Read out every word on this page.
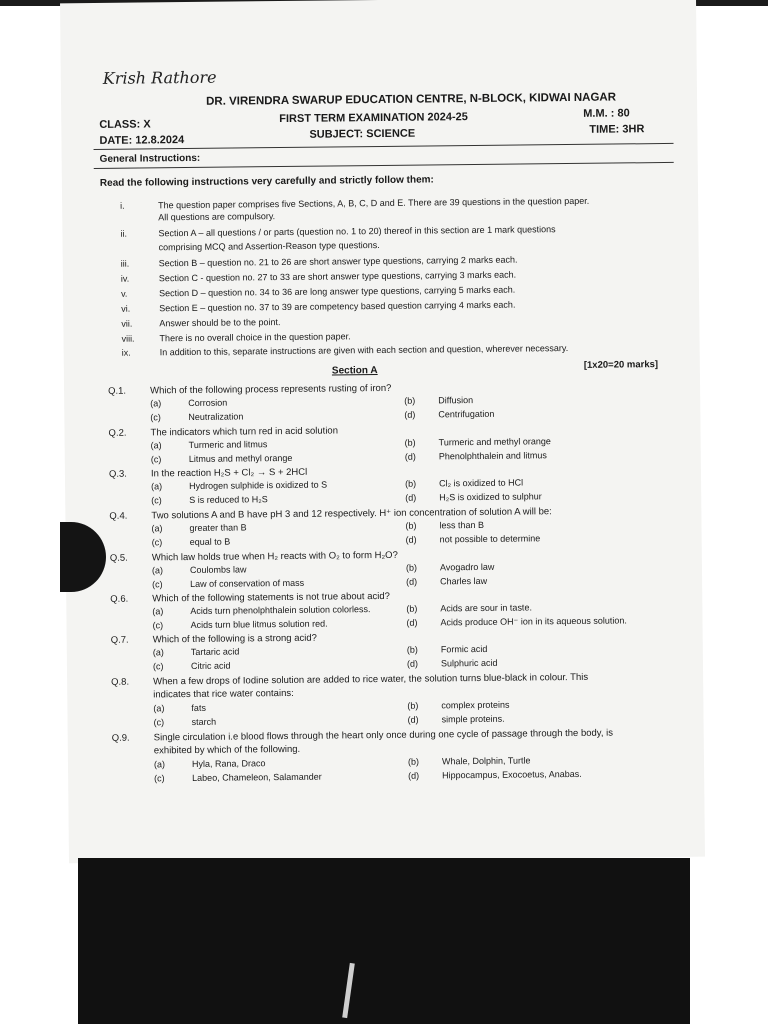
Krish Rathore
DR. VIRENDRA SWARUP EDUCATION CENTRE, N-BLOCK, KIDWAI NAGAR
CLASS: X	FIRST TERM EXAMINATION 2024-25	M.M. : 80
DATE: 12.8.2024	SUBJECT: SCIENCE	TIME: 3HR
General Instructions:
Read the following instructions very carefully and strictly follow them:
i.	The question paper comprises five Sections, A, B, C, D and E. There are 39 questions in the question paper.
All questions are compulsory.
ii.	Section A – all questions / or parts (question no. 1 to 20) thereof in this section are 1 mark questions
comprising MCQ and Assertion-Reason type questions.
iii.	Section B – question no. 21 to 26 are short answer type questions, carrying 2 marks each.
iv.	Section C - question no. 27 to 33 are short answer type questions, carrying 3 marks each.
v.	Section D – question no. 34 to 36 are long answer type questions, carrying 5 marks each.
vi.	Section E – question no. 37 to 39 are competency based question carrying 4 marks each.
vii.	Answer should be to the point.
viii.	There is no overall choice in the question paper.
ix.	In addition to this, separate instructions are given with each section and question, wherever necessary.
Section A	[1x20=20 marks]
Q.1.	Which of the following process represents rusting of iron?
(a)	Corrosion	(b)	Diffusion
(c)	Neutralization	(d)	Centrifugation
Q.2.	The indicators which turn red in acid solution
(a)	Turmeric and litmus	(b)	Turmeric and methyl orange
(c)	Litmus and methyl orange	(d)	Phenolphthalein and litmus
Q.3.	In the reaction H₂S + Cl₂ → S + 2HCl
(a)	Hydrogen sulphide is oxidized to S	(b)	Cl₂ is oxidized to HCl
(c)	S is reduced to H₂S	(d)	H₂S is oxidized to sulphur
Q.4.	Two solutions A and B have pH 3 and 12 respectively. H⁺ ion concentration of solution A will be:
(a)	greater than B	(b)	less than B
(c)	equal to B	(d)	not possible to determine
Q.5.	Which law holds true when H₂ reacts with O₂ to form H₂O?
(a)	Coulombs law	(b)	Avogadro law
(c)	Law of conservation of mass	(d)	Charles law
Q.6.	Which of the following statements is not true about acid?
(a)	Acids turn phenolphthalein solution colorless.	(b)	Acids are sour in taste.
(c)	Acids turn blue litmus solution red.	(d)	Acids produce OH⁻ ion in its aqueous solution.
Q.7.	Which of the following is a strong acid?
(a)	Tartaric acid	(b)	Formic acid
(c)	Citric acid	(d)	Sulphuric acid
Q.8.	When a few drops of Iodine solution are added to rice water, the solution turns blue-black in colour. This
indicates that rice water contains:
(a)	fats	(b)	complex proteins
(c)	starch	(d)	simple proteins.
Q.9.	Single circulation i.e blood flows through the heart only once during one cycle of passage through the body, is
exhibited by which of the following.
(a)	Hyla, Rana, Draco	(b)	Whale, Dolphin, Turtle
(c)	Labeo, Chameleon, Salamander	(d)	Hippocampus, Exocoetus, Anabas.
